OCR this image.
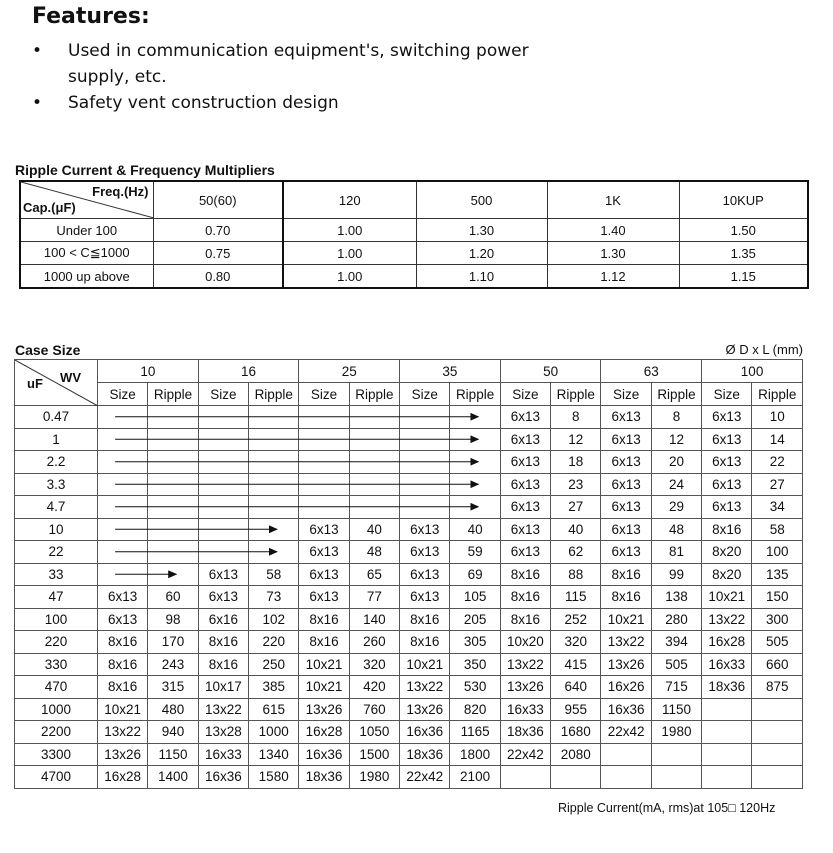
Features:
• Used in communication equipment's, switching power supply, etc.
• Safety vent construction design
Ripple Current & Frequency Multipliers
Freq.(Hz)
Cap.(μF)	50(60)	120	500	1K	10KUP
Under 100	0.70	1.00	1.30	1.40	1.50
100 < C≦1000	0.75	1.00	1.20	1.30	1.35
1000 up above	0.80	1.00	1.10	1.12	1.15
Case Size	Ø D x L (mm)
WV
uF	10		16		25		35		50		63		100	
	Size	Ripple	Size	Ripple	Size	Ripple	Size	Ripple	Size	Ripple	Size	Ripple	Size	Ripple
0.47									6x13	8	6x13	8	6x13	10
1									6x13	12	6x13	12	6x13	14
2.2									6x13	18	6x13	20	6x13	22
3.3									6x13	23	6x13	24	6x13	27
4.7									6x13	27	6x13	29	6x13	34
10					6x13	40	6x13	40	6x13	40	6x13	48	8x16	58
22					6x13	48	6x13	59	6x13	62	6x13	81	8x20	100
33			6x13	58	6x13	65	6x13	69	8x16	88	8x16	99	8x20	135
47	6x13	60	6x13	73	6x13	77	6x13	105	8x16	115	8x16	138	10x21	150
100	6x13	98	6x16	102	8x16	140	8x16	205	8x16	252	10x21	280	13x22	300
220	8x16	170	8x16	220	8x16	260	8x16	305	10x20	320	13x22	394	16x28	505
330	8x16	243	8x16	250	10x21	320	10x21	350	13x22	415	13x26	505	16x33	660
470	8x16	315	10x17	385	10x21	420	13x22	530	13x26	640	16x26	715	18x36	875
1000	10x21	480	13x22	615	13x26	760	13x26	820	16x33	955	16x36	1150		
2200	13x22	940	13x28	1000	16x28	1050	16x36	1165	18x36	1680	22x42	1980		
3300	13x26	1150	16x33	1340	16x36	1500	18x36	1800	22x42	2080				
4700	16x28	1400	16x36	1580	18x36	1980	22x42	2100						
Ripple Current(mA, rms)at 105□ 120Hz
